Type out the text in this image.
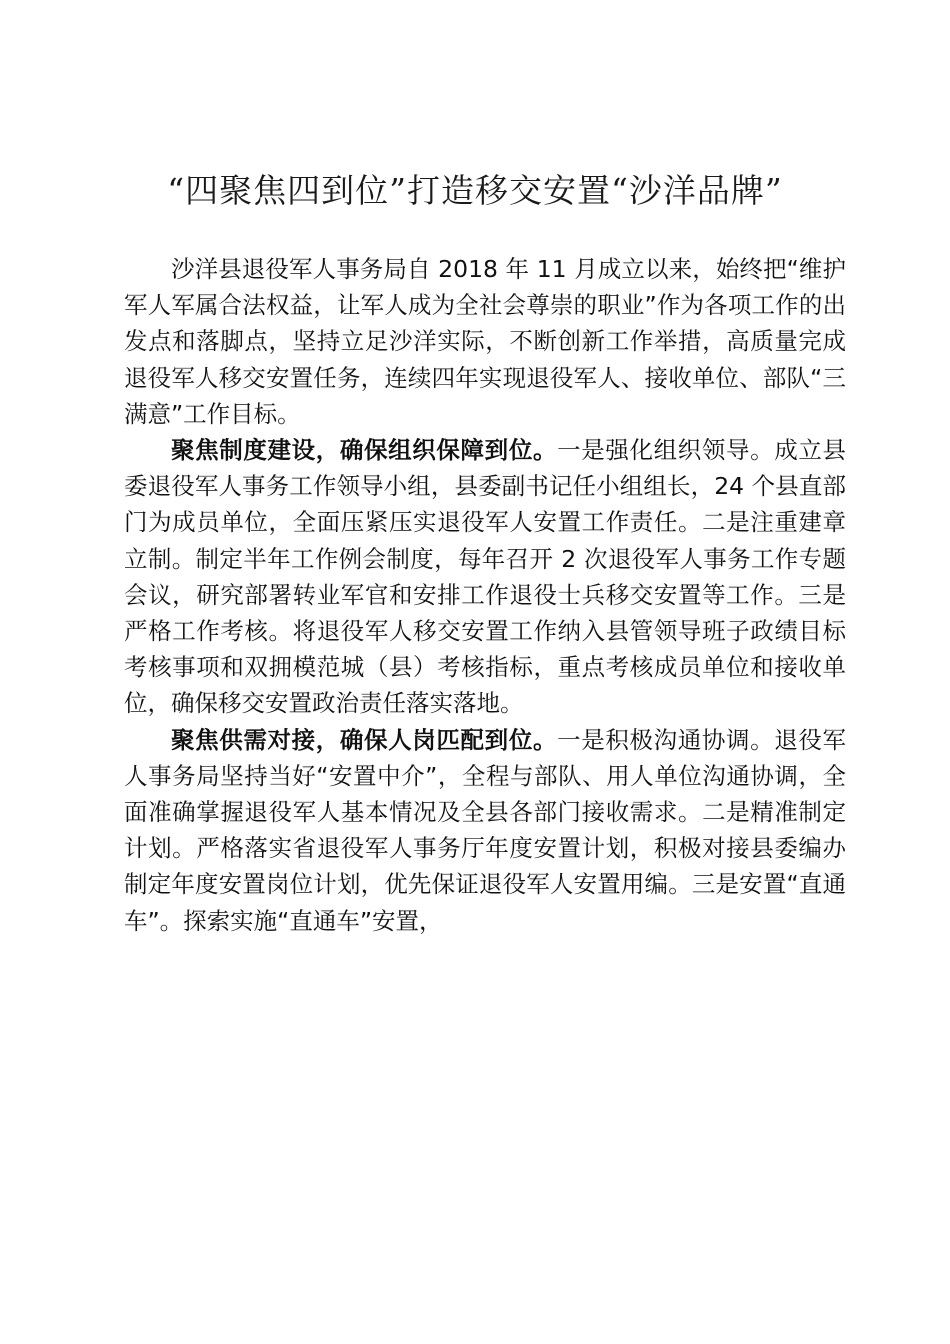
“四聚焦四到位”打造移交安置“沙洋品牌”

沙洋县退役军人事务局自 2018 年 11 月成立以来，始终把“维护军人军属合法权益，让军人成为全社会尊崇的职业”作为各项工作的出发点和落脚点，坚持立足沙洋实际，不断创新工作举措，高质量完成退役军人移交安置任务，连续四年实现退役军人、接收单位、部队“三满意”工作目标。

聚焦制度建设，确保组织保障到位。一是强化组织领导。成立县委退役军人事务工作领导小组，县委副书记任小组组长，24 个县直部门为成员单位，全面压紧压实退役军人安置工作责任。二是注重建章立制。制定半年工作例会制度，每年召开 2 次退役军人事务工作专题会议，研究部署转业军官和安排工作退役士兵移交安置等工作。三是严格工作考核。将退役军人移交安置工作纳入县管领导班子政绩目标考核事项和双拥模范城（县）考核指标，重点考核成员单位和接收单位，确保移交安置政治责任落实落地。

聚焦供需对接，确保人岗匹配到位。一是积极沟通协调。退役军人事务局坚持当好“安置中介”，全程与部队、用人单位沟通协调，全面准确掌握退役军人基本情况及全县各部门接收需求。二是精准制定计划。严格落实省退役军人事务厅年度安置计划，积极对接县委编办制定年度安置岗位计划，优先保证退役军人安置用编。三是安置“直通车”。探索实施“直通车”安置，
